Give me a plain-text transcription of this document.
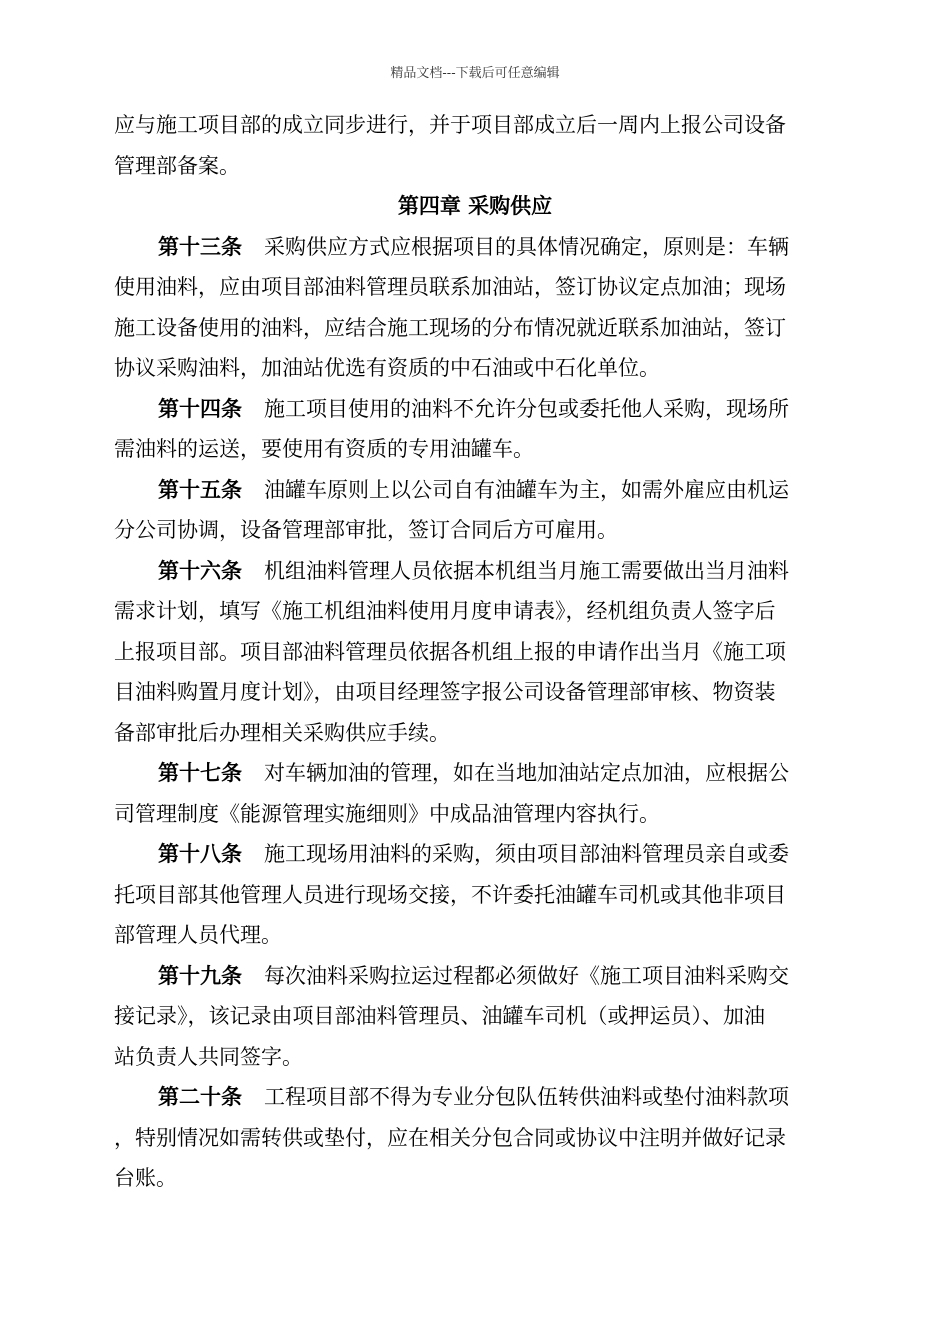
精品文档---下载后可任意编辑
应与施工项目部的成立同步进行，并于项目部成立后一周内上报公司设备
管理部备案。
第四章 采购供应
第十三条 采购供应方式应根据项目的具体情况确定，原则是：车辆
使用油料，应由项目部油料管理员联系加油站，签订协议定点加油；现场
施工设备使用的油料，应结合施工现场的分布情况就近联系加油站，签订
协议采购油料，加油站优选有资质的中石油或中石化单位。
第十四条 施工项目使用的油料不允许分包或委托他人采购，现场所
需油料的运送，要使用有资质的专用油罐车。
第十五条 油罐车原则上以公司自有油罐车为主，如需外雇应由机运
分公司协调，设备管理部审批，签订合同后方可雇用。
第十六条 机组油料管理人员依据本机组当月施工需要做出当月油料
需求计划，填写《施工机组油料使用月度申请表》，经机组负责人签字后
上报项目部。项目部油料管理员依据各机组上报的申请作出当月《施工项
目油料购置月度计划》，由项目经理签字报公司设备管理部审核、物资装
备部审批后办理相关采购供应手续。
第十七条 对车辆加油的管理，如在当地加油站定点加油，应根据公
司管理制度《能源管理实施细则》中成品油管理内容执行。
第十八条 施工现场用油料的采购，须由项目部油料管理员亲自或委
托项目部其他管理人员进行现场交接，不许委托油罐车司机或其他非项目
部管理人员代理。
第十九条 每次油料采购拉运过程都必须做好《施工项目油料采购交
接记录》，该记录由项目部油料管理员、油罐车司机（或押运员）、加油
站负责人共同签字。
第二十条 工程项目部不得为专业分包队伍转供油料或垫付油料款项
，特别情况如需转供或垫付，应在相关分包合同或协议中注明并做好记录
台账。
